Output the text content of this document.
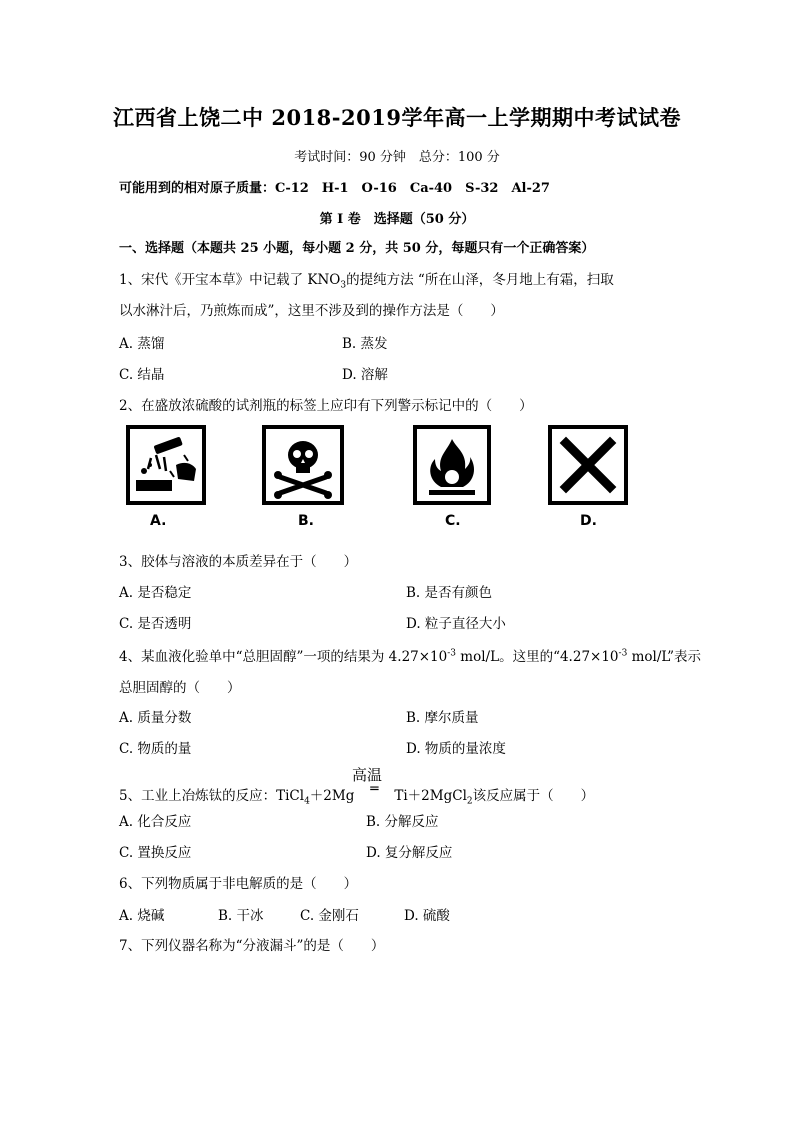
江西省上饶二中 2018-2019学年高一上学期期中考试试卷
考试时间：90 分钟　总分：100 分
可能用到的相对原子质量：C-12　H-1　O-16　Ca-40　S-32　Al-27
第 I 卷　选择题（50 分）
一、选择题（本题共 25 小题，每小题 2 分，共 50 分，每题只有一个正确答案）
1、宋代《开宝本草》中记载了 $KNO_3$的提纯方法 “所在山泽，冬月地上有霜，扫取
以水淋汁后，乃煎炼而成”，这里不涉及到的操作方法是（　　）
A. 蒸馏	B. 蒸发
C. 结晶	D. 溶解
2、在盛放浓硫酸的试剂瓶的标签上应印有下列警示标记中的（　　）
A.	B.	C.	D.
3、胶体与溶液的本质差异在于（　　）
A. 是否稳定	B. 是否有颜色
C. 是否透明	D. 粒子直径大小
4、某血液化验单中“总胆固醇”一项的结果为 $4.27\times 10^{-3}$ mol/L。这里的“$4.27\times 10^{-3}$ mol/L”表示
总胆固醇的（　　）
A. 质量分数	B. 摩尔质量
C. 物质的量	D. 物质的量浓度
高温
5、工业上冶炼钛的反应：TiCl$_4$＋2Mg ═ Ti＋2MgCl$_2$该反应属于（　　）
A. 化合反应	B. 分解反应
C. 置换反应	D. 复分解反应
6、下列物质属于非电解质的是（　　）
A. 烧碱	B. 干冰	C. 金刚石	D. 硫酸
7、下列仪器名称为“分液漏斗”的是（　　）
